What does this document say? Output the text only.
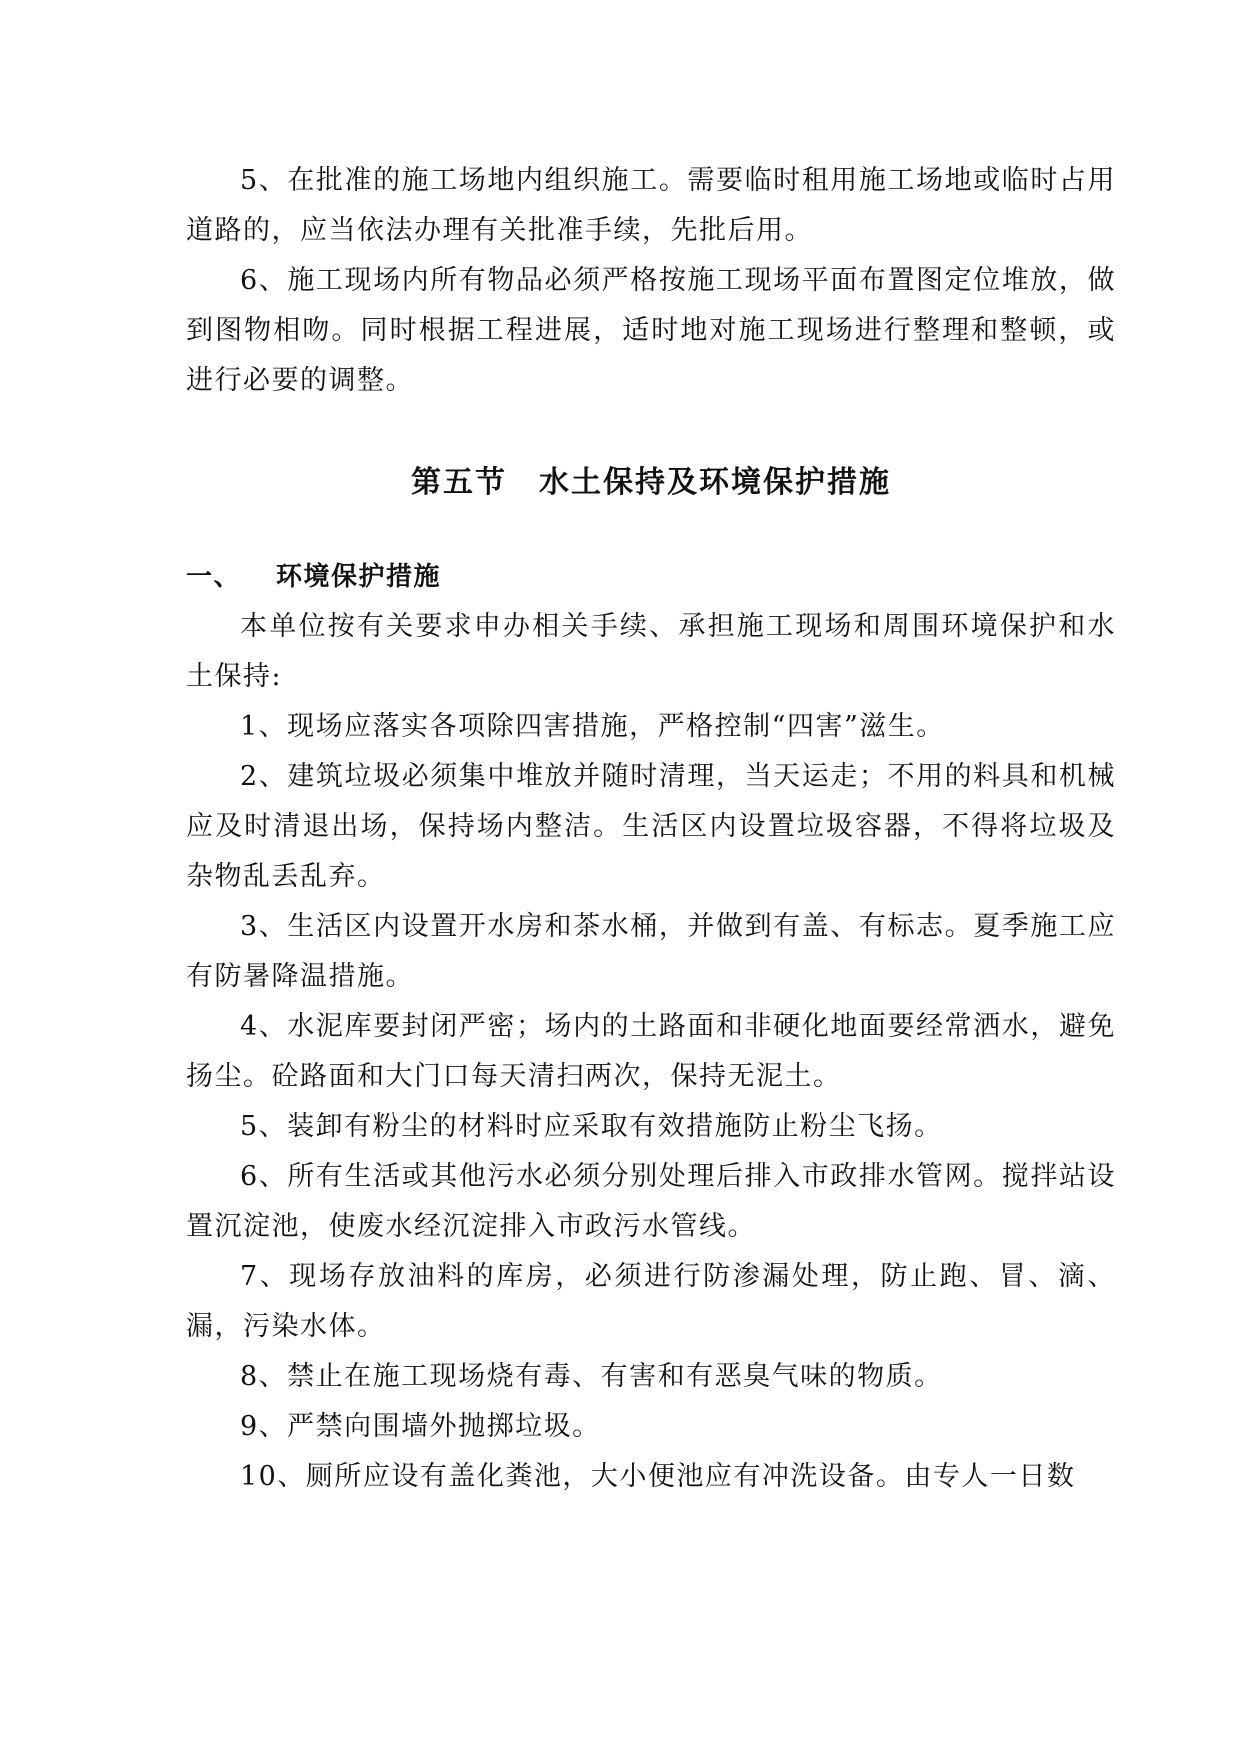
5、在批准的施工场地内组织施工。需要临时租用施工场地或临时占用道路的，应当依法办理有关批准手续，先批后用。

6、施工现场内所有物品必须严格按施工现场平面布置图定位堆放，做到图物相吻。同时根据工程进展，适时地对施工现场进行整理和整顿，或进行必要的调整。

第五节　水土保持及环境保护措施
一、 环境保护措施

本单位按有关要求申办相关手续、承担施工现场和周围环境保护和水土保持:

1、现场应落实各项除四害措施，严格控制“四害”滋生。

2、建筑垃圾必须集中堆放并随时清理，当天运走；不用的料具和机械应及时清退出场，保持场内整洁。生活区内设置垃圾容器，不得将垃圾及杂物乱丢乱弃。

3、生活区内设置开水房和茶水桶，并做到有盖、有标志。夏季施工应有防暑降温措施。

4、水泥库要封闭严密；场内的土路面和非硬化地面要经常洒水，避免扬尘。砼路面和大门口每天清扫两次，保持无泥土。

5、装卸有粉尘的材料时应采取有效措施防止粉尘飞扬。

6、所有生活或其他污水必须分别处理后排入市政排水管网。搅拌站设置沉淀池，使废水经沉淀排入市政污水管线。

7、现场存放油料的库房，必须进行防渗漏处理，防止跑、冒、滴、漏，污染水体。

8、禁止在施工现场烧有毒、有害和有恶臭气味的物质。

9、严禁向围墙外抛掷垃圾。

10、厕所应设有盖化粪池，大小便池应有冲洗设备。由专人一日数
